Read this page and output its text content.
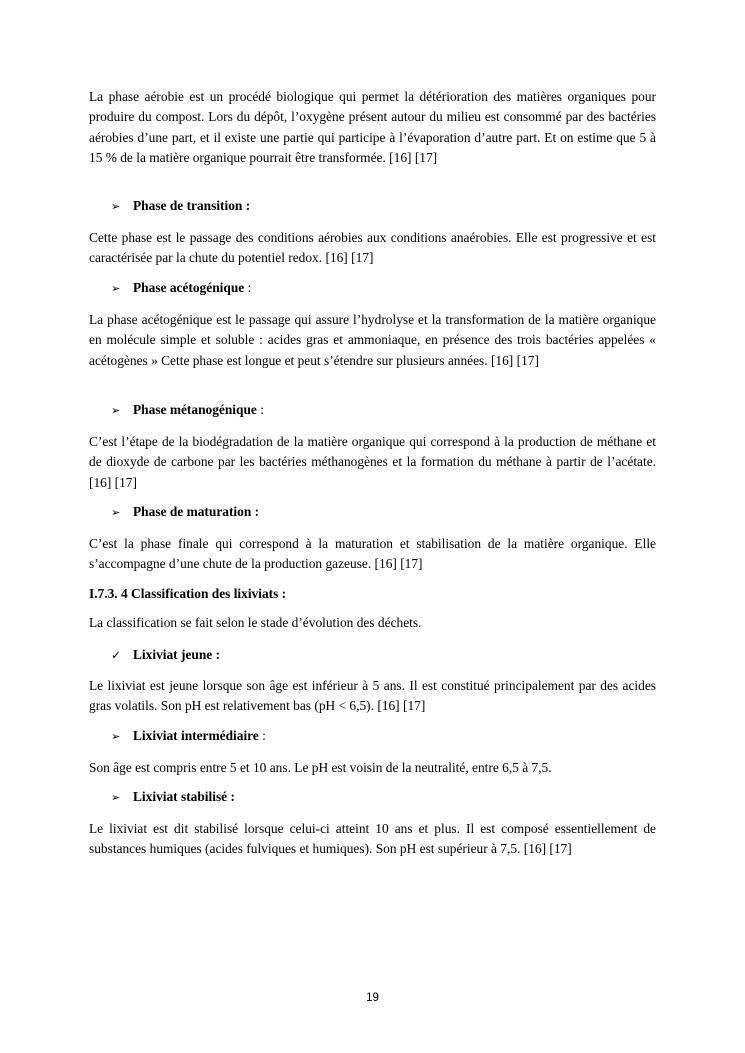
La phase aérobie est un procédé biologique qui permet la détérioration des matières organiques pour produire du compost. Lors du dépôt, l’oxygène présent autour du milieu est consommé par des bactéries aérobies d’une part, et il existe une partie qui participe à l’évaporation d’autre part. Et on estime que 5 à 15 % de la matière organique pourrait être transformée. [16] [17]

➢ Phase de transition :

Cette phase est le passage des conditions aérobies aux conditions anaérobies. Elle est progressive et est caractérisée par la chute du potentiel redox. [16] [17]

➢ Phase acétogénique :

La phase acétogénique est le passage qui assure l’hydrolyse et la transformation de la matière organique en molécule simple et soluble : acides gras et ammoniaque, en présence des trois bactéries appelées « acétogènes » Cette phase est longue et peut s’étendre sur plusieurs années. [16] [17]

➢ Phase métanogénique :

C’est l’étape de la biodégradation de la matière organique qui correspond à la production de méthane et de dioxyde de carbone par les bactéries méthanogènes et la formation du méthane à partir de l’acétate. [16] [17]

➢ Phase de maturation :

C’est la phase finale qui correspond à la maturation et stabilisation de la matière organique. Elle s’accompagne d’une chute de la production gazeuse. [16] [17]

I.7.3. 4 Classification des lixiviats :

La classification se fait selon le stade d’évolution des déchets.

✓ Lixiviat jeune :

Le lixiviat est jeune lorsque son âge est inférieur à 5 ans. Il est constitué principalement par des acides gras volatils. Son pH est relativement bas (pH < 6,5). [16] [17]

➢ Lixiviat intermédiaire :

Son âge est compris entre 5 et 10 ans. Le pH est voisin de la neutralité, entre 6,5 à 7,5.

➢ Lixiviat stabilisé :

Le lixiviat est dit stabilisé lorsque celui-ci atteint 10 ans et plus. Il est composé essentiellement de substances humiques (acides fulviques et humiques). Son pH est supérieur à 7,5. [16] [17]

19
